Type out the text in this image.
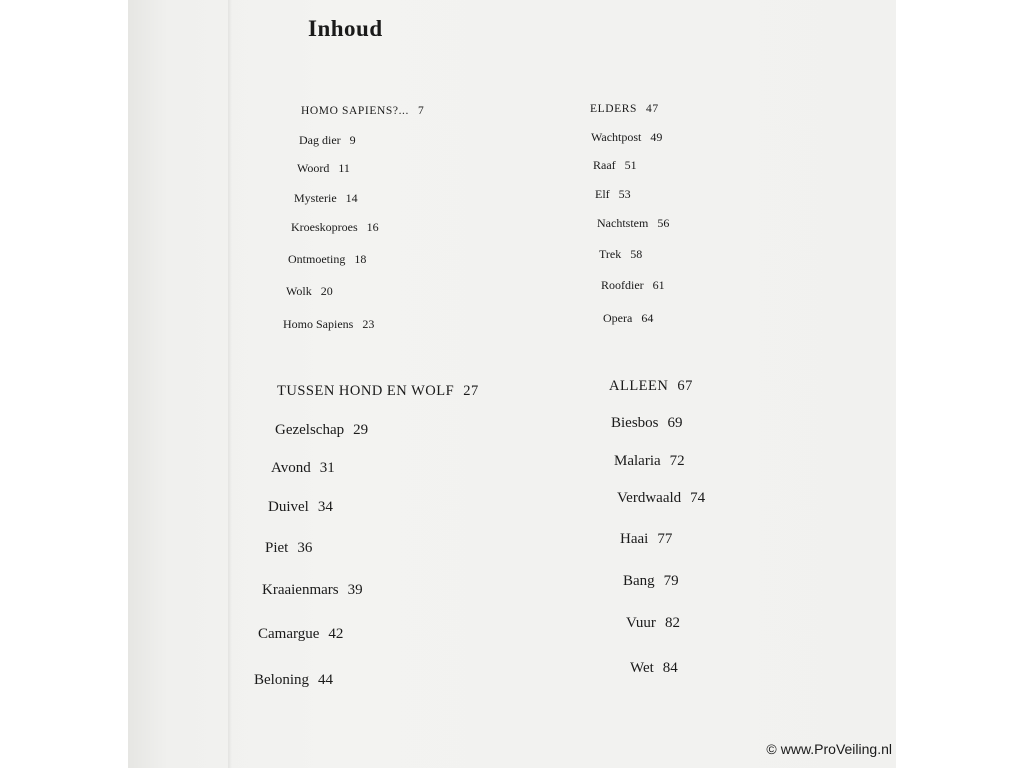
Inhoud
HOMO SAPIENS?... 7
Dag dier 9
Woord 11
Mysterie 14
Kroeskoproes 16
Ontmoeting 18
Wolk 20
Homo Sapiens 23
ELDERS 47
Wachtpost 49
Raaf 51
Elf 53
Nachtstem 56
Trek 58
Roofdier 61
Opera 64
TUSSEN HOND EN WOLF 27
Gezelschap 29
Avond 31
Duivel 34
Piet 36
Kraaienmars 39
Camargue 42
Beloning 44
ALLEEN 67
Biesbos 69
Malaria 72
Verdwaald 74
Haai 77
Bang 79
Vuur 82
Wet 84
© www.ProVeiling.nl
